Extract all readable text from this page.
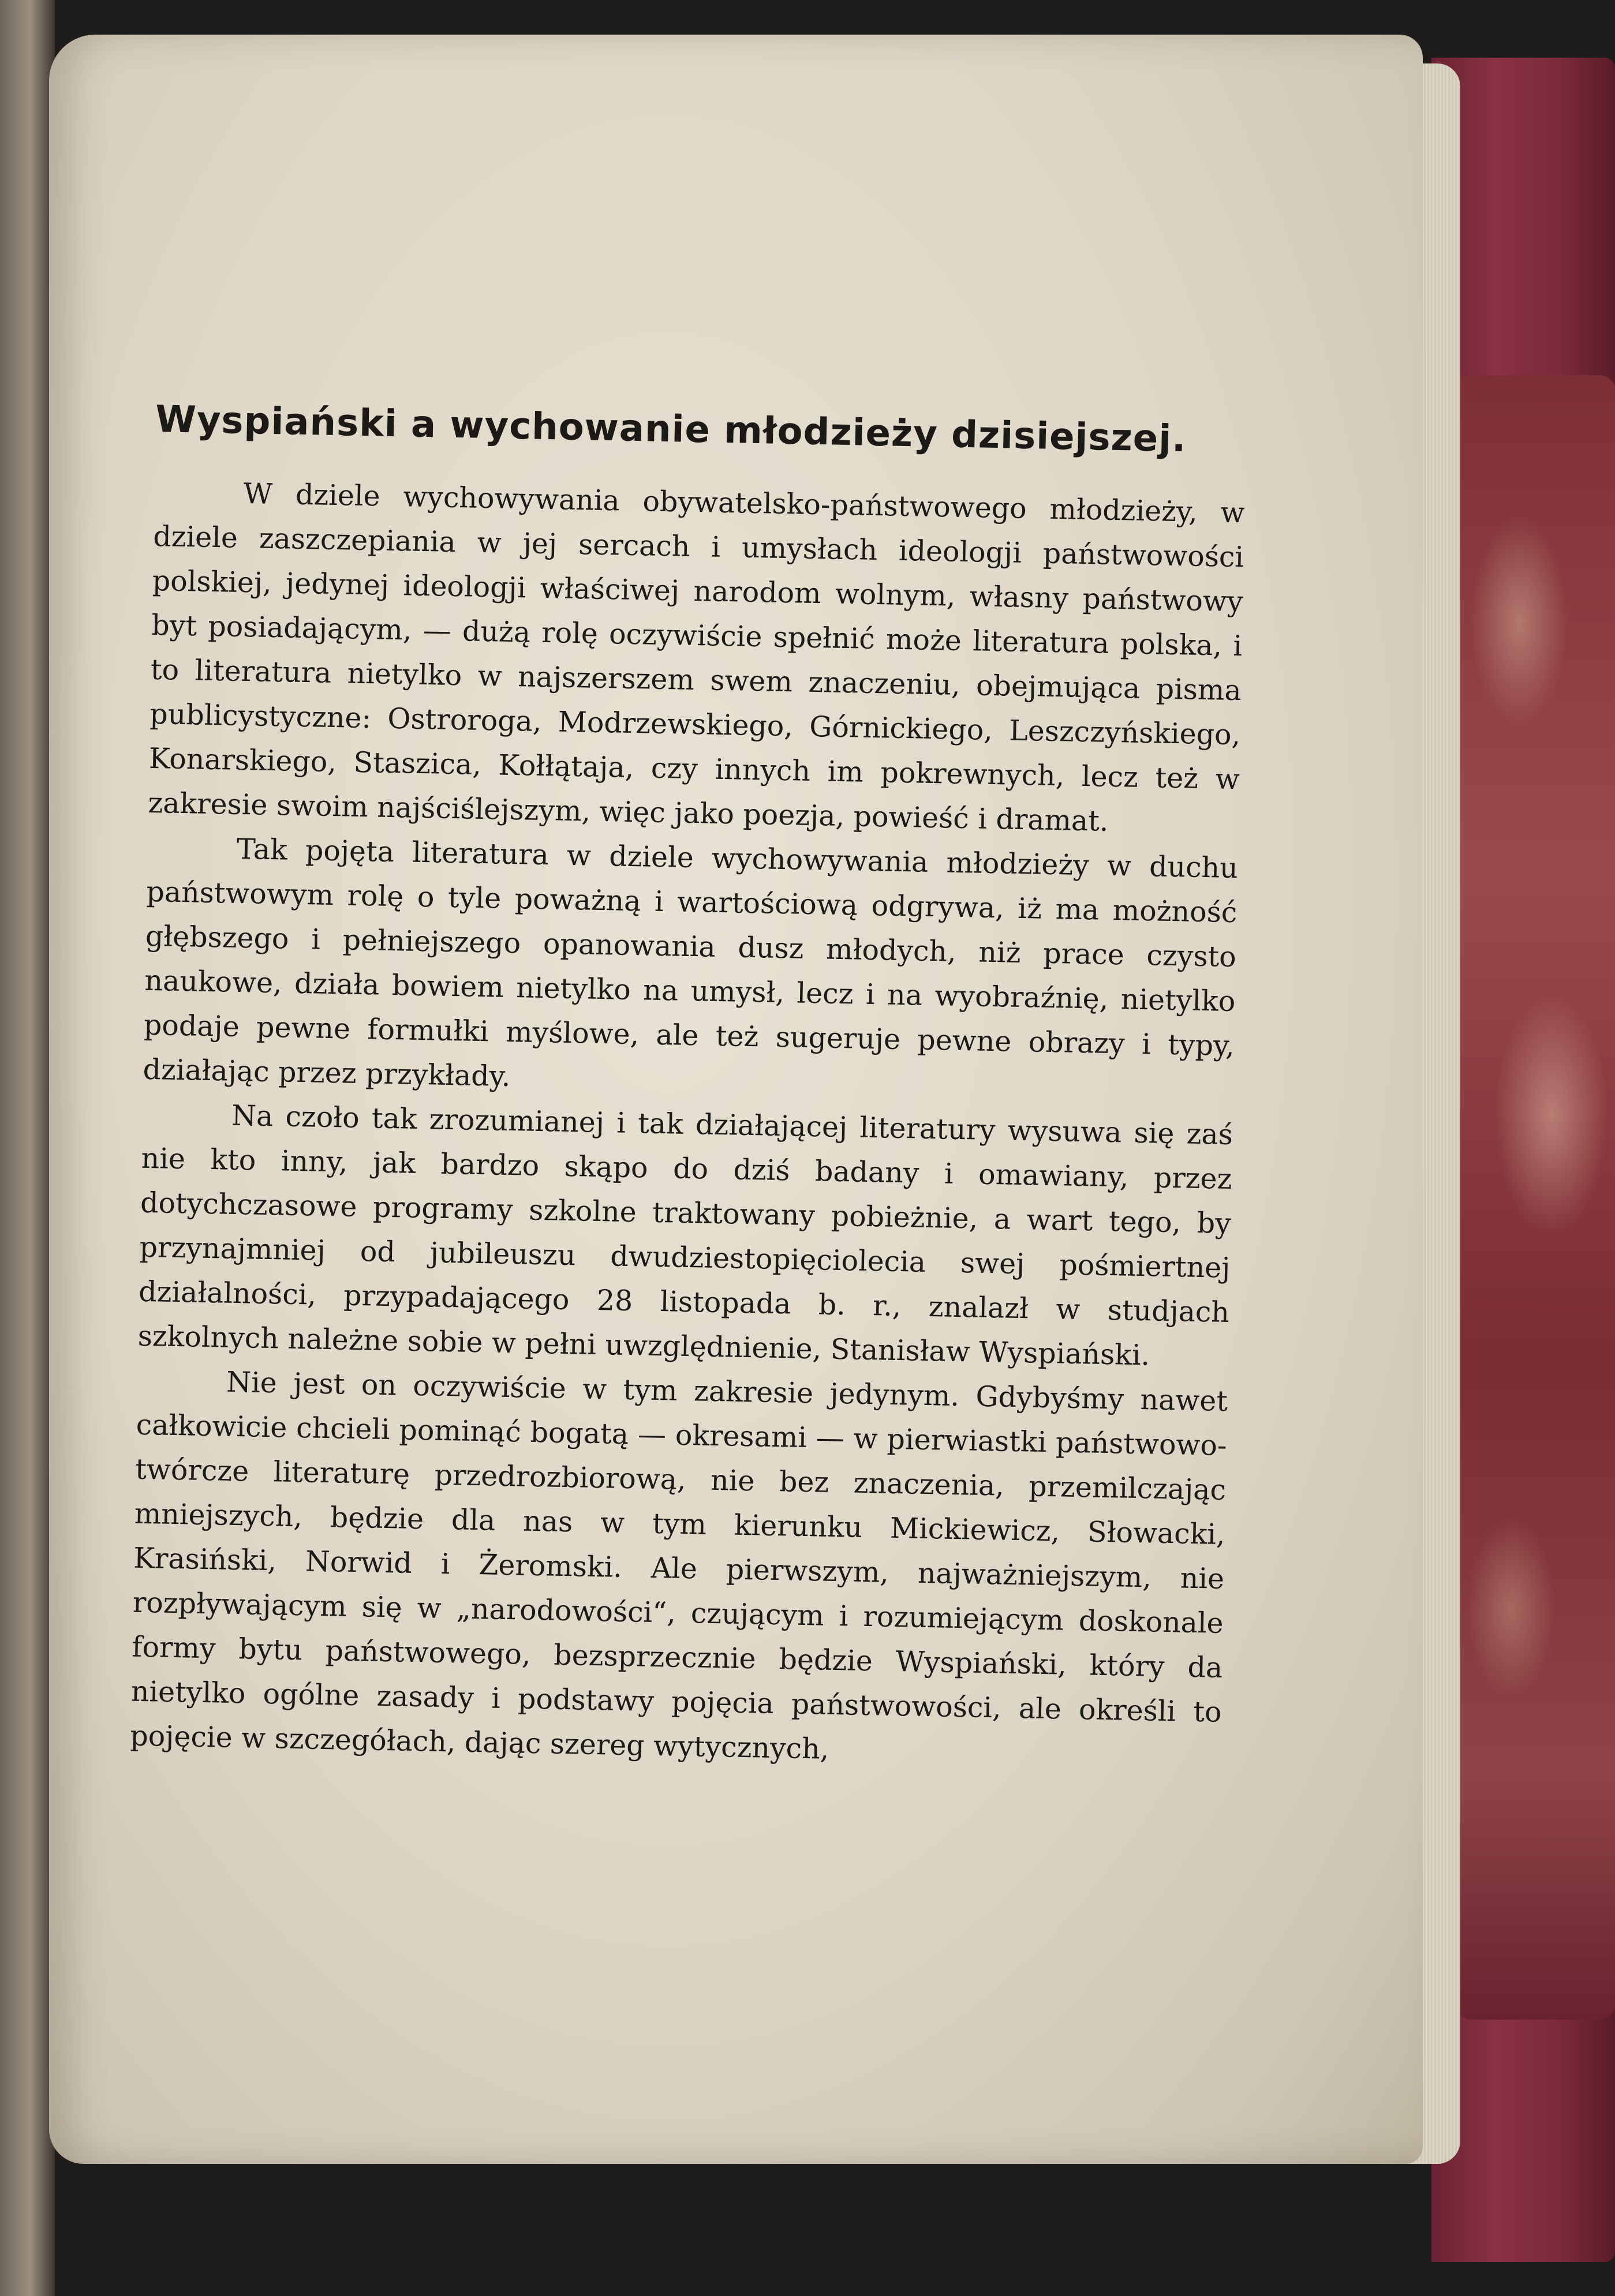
Wyspiański a wychowanie młodzieży dzisiejszej.

W dziele wychowywania obywatelsko-państwowego młodzieży, w dziele zaszczepiania w jej sercach i umysłach ideologji państwowości polskiej, jedynej ideologji właściwej narodom wolnym, własny państwowy byt posiadającym, — dużą rolę oczywiście spełnić może literatura polska, i to literatura nietylko w najszerszem swem znaczeniu, obejmująca pisma publicystyczne: Ostroroga, Modrzewskiego, Górnickiego, Leszczyńskiego, Konarskiego, Staszica, Kołłątaja, czy innych im pokrewnych, lecz też w zakresie swoim najściślejszym, więc jako poezja, powieść i dramat.

Tak pojęta literatura w dziele wychowywania młodzieży w duchu państwowym rolę o tyle poważną i wartościową odgrywa, iż ma możność głębszego i pełniejszego opanowania dusz młodych, niż prace czysto naukowe, działa bowiem nietylko na umysł, lecz i na wyobraźnię, nietylko podaje pewne formułki myślowe, ale też sugeruje pewne obrazy i typy, działając przez przykłady.

Na czoło tak zrozumianej i tak działającej literatury wysuwa się zaś nie kto inny, jak bardzo skąpo do dziś badany i omawiany, przez dotychczasowe programy szkolne traktowany pobieżnie, a wart tego, by przynajmniej od jubileuszu dwudziestopięciolecia swej pośmiertnej działalności, przypadającego 28 listopada b. r., znalazł w studjach szkolnych należne sobie w pełni uwzględnienie, Stanisław Wyspiański.

Nie jest on oczywiście w tym zakresie jedynym. Gdybyśmy nawet całkowicie chcieli pominąć bogatą — okresami — w pierwiastki państwowo-twórcze literaturę przedrozbiorową, nie bez znaczenia, przemilczając mniejszych, będzie dla nas w tym kierunku Mickiewicz, Słowacki, Krasiński, Norwid i Żeromski. Ale pierwszym, najważniejszym, nie rozpływającym się w „narodowości“, czującym i rozumiejącym doskonale formy bytu państwowego, bezsprzecznie będzie Wyspiański, który da nietylko ogólne zasady i podstawy pojęcia państwowości, ale określi to pojęcie w szczegółach, dając szereg wytycznych,
